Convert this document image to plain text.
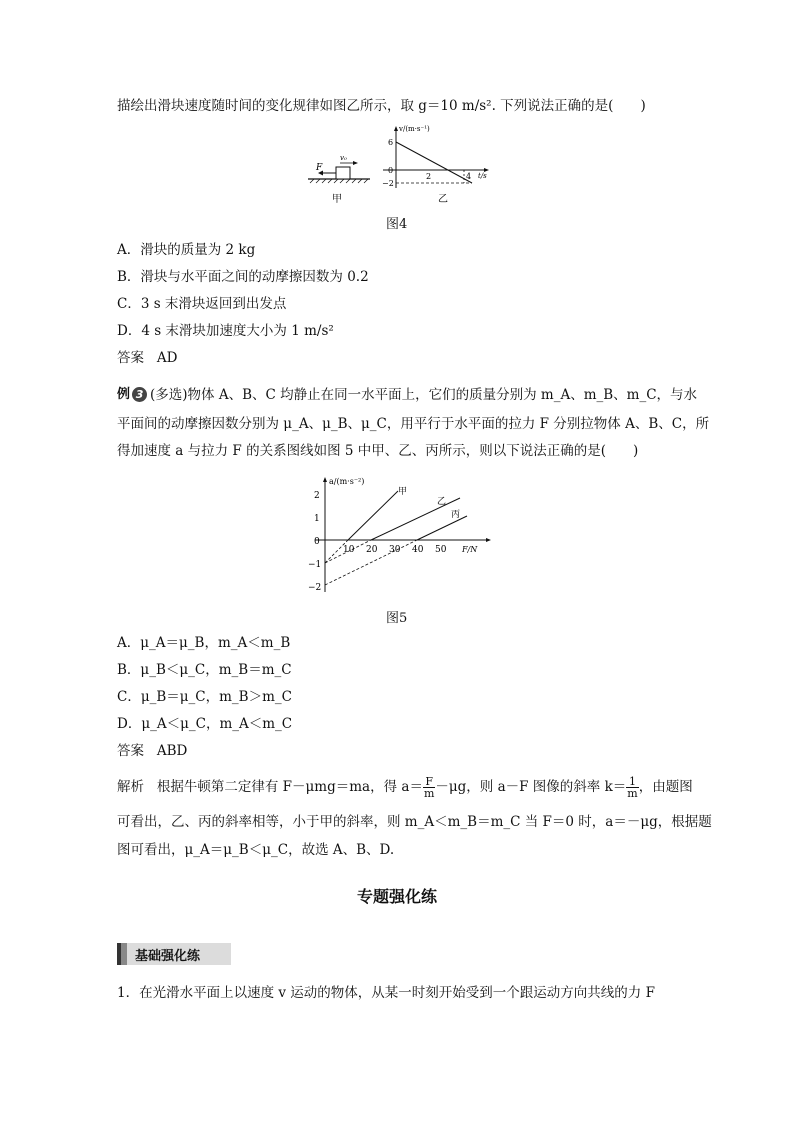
描绘出滑块速度随时间的变化规律如图乙所示，取 g＝10 m/s². 下列说法正确的是(　　)
F
v₀
v/(m·s⁻¹)
t/s
6
0
−2
2	4
甲	乙
图4
A．滑块的质量为 2 kg
B．滑块与水平面之间的动摩擦因数为 0.2
C．3 s 末滑块返回到出发点
D．4 s 末滑块加速度大小为 1 m/s²
答案 AD
例 3 (多选)物体 A、B、C 均静止在同一水平面上，它们的质量分别为 m_A、m_B、m_C，与水
平面间的动摩擦因数分别为 μ_A、μ_B、μ_C，用平行于水平面的拉力 F 分别拉物体 A、B、C，所
得加速度 a 与拉力 F 的关系图线如图 5 中甲、乙、丙所示，则以下说法正确的是(　　)
a/(m·s⁻²)
F/N
2
1
0
−1
−2
10 20 30 40 50
甲
乙
丙
图5
A．μ_A＝μ_B，m_A＜m_B
B．μ_B＜μ_C，m_B＝m_C
C．μ_B＝μ_C，m_B＞m_C
D．μ_A＜μ_C，m_A＜m_C
答案 ABD
解析 根据牛顿第二定律有 F－μmg＝ma，得 $a= \frac{F}{m} -\mu g$，则 a－F 图像的斜率 $k= \frac{1}{m}$ ，由题图
可看出，乙、丙的斜率相等，小于甲的斜率，则 m_A＜m_B＝m_C 当 F＝0 时，a＝－μg，根据题
图可看出，μ_A＝μ_B＜μ_C，故选 A、B、D.
专题强化练
基础强化练
1．在光滑水平面上以速度 v 运动的物体，从某一时刻开始受到一个跟运动方向共线的力 F
